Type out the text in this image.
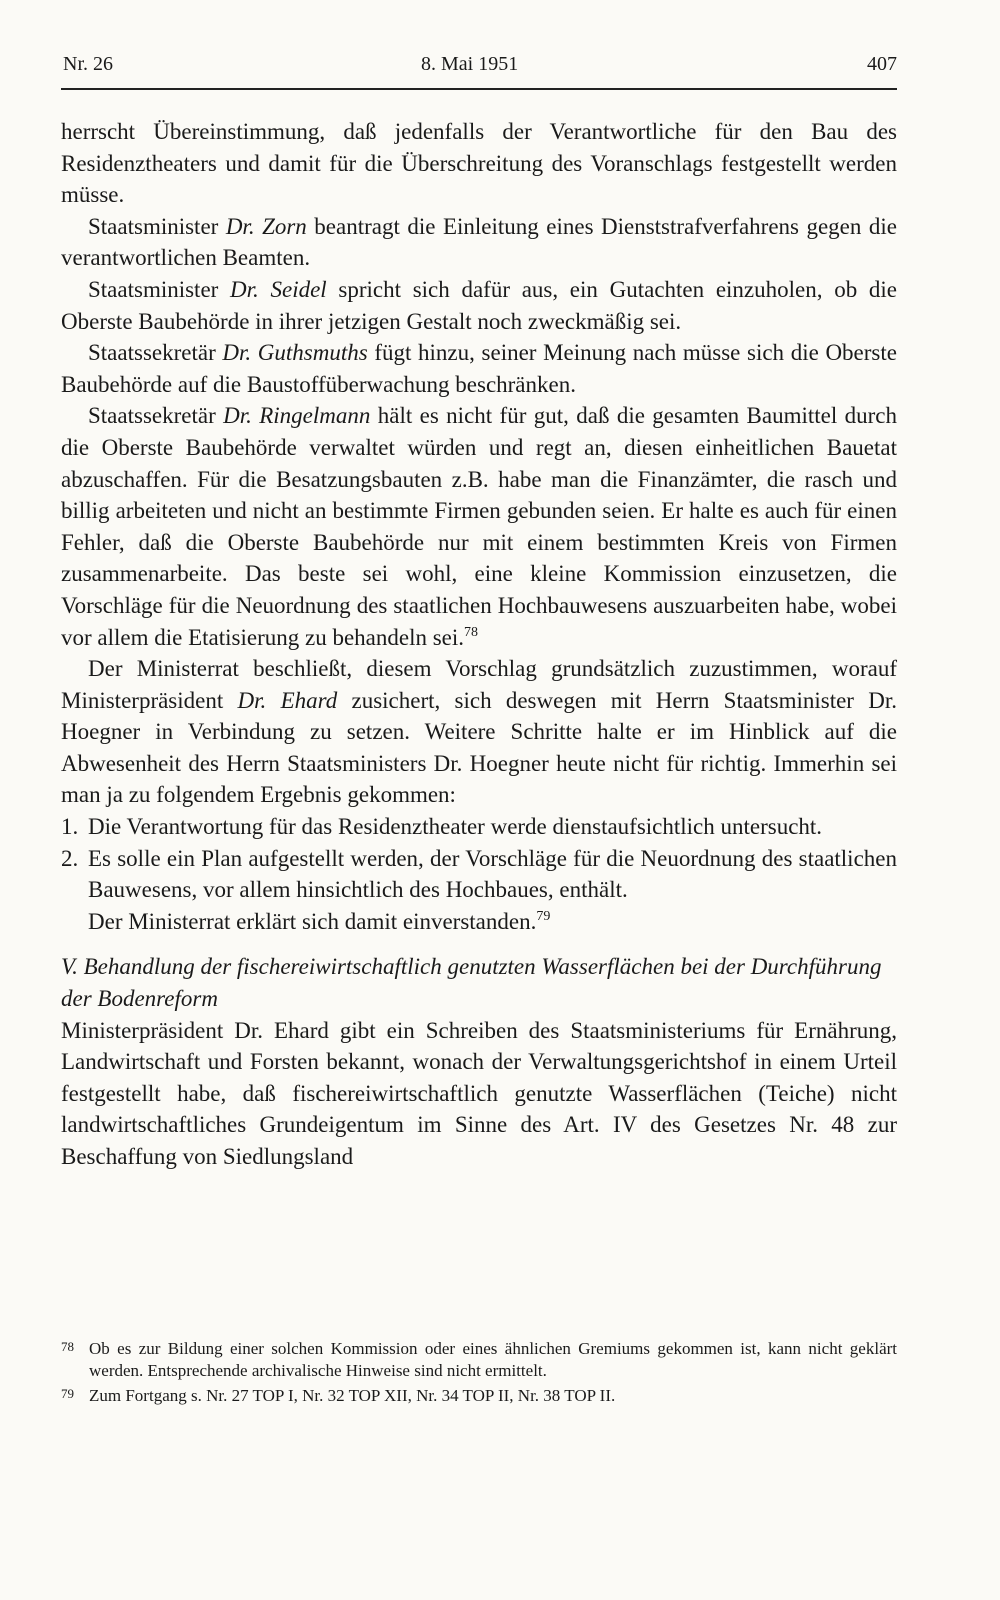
Nr. 26	8. Mai 1951	407

herrscht Übereinstimmung, daß jedenfalls der Verantwortliche für den Bau des Residenztheaters und damit für die Überschreitung des Voranschlags festgestellt werden müsse.

Staatsminister Dr. Zorn beantragt die Einleitung eines Dienststrafverfahrens gegen die verantwortlichen Beamten.

Staatsminister Dr. Seidel spricht sich dafür aus, ein Gutachten einzuholen, ob die Oberste Baubehörde in ihrer jetzigen Gestalt noch zweckmäßig sei.

Staatssekretär Dr. Guthsmuths fügt hinzu, seiner Meinung nach müsse sich die Oberste Baubehörde auf die Baustoffüberwachung beschränken.

Staatssekretär Dr. Ringelmann hält es nicht für gut, daß die gesamten Baumittel durch die Oberste Baubehörde verwaltet würden und regt an, diesen einheitlichen Bauetat abzuschaffen. Für die Besatzungsbauten z.B. habe man die Finanzämter, die rasch und billig arbeiteten und nicht an bestimmte Firmen gebunden seien. Er halte es auch für einen Fehler, daß die Oberste Baubehörde nur mit einem bestimmten Kreis von Firmen zusammenarbeite. Das beste sei wohl, eine kleine Kommission einzusetzen, die Vorschläge für die Neuordnung des staatlichen Hochbauwesens auszuarbeiten habe, wobei vor allem die Etatisierung zu behandeln sei.$^{78}$

Der Ministerrat beschließt, diesem Vorschlag grundsätzlich zuzustimmen, worauf Ministerpräsident Dr. Ehard zusichert, sich deswegen mit Herrn Staatsminister Dr. Hoegner in Verbindung zu setzen. Weitere Schritte halte er im Hinblick auf die Abwesenheit des Herrn Staatsministers Dr. Hoegner heute nicht für richtig. Immerhin sei man ja zu folgendem Ergebnis gekommen:

1. Die Verantwortung für das Residenztheater werde dienstaufsichtlich untersucht.

2. Es solle ein Plan aufgestellt werden, der Vorschläge für die Neuordnung des staatlichen Bauwesens, vor allem hinsichtlich des Hochbaues, enthält.
Der Ministerrat erklärt sich damit einverstanden.$^{79}$

V. Behandlung der fischereiwirtschaftlich genutzten Wasserflächen bei der Durchführung der Bodenreform

Ministerpräsident Dr. Ehard gibt ein Schreiben des Staatsministeriums für Ernährung, Landwirtschaft und Forsten bekannt, wonach der Verwaltungsgerichtshof in einem Urteil festgestellt habe, daß fischereiwirtschaftlich genutzte Wasserflächen (Teiche) nicht landwirtschaftliches Grundeigentum im Sinne des Art. IV des Gesetzes Nr. 48 zur Beschaffung von Siedlungsland

78 Ob es zur Bildung einer solchen Kommission oder eines ähnlichen Gremiums gekommen ist, kann nicht geklärt werden. Entsprechende archivalische Hinweise sind nicht ermittelt.
79 Zum Fortgang s. Nr. 27 TOP I, Nr. 32 TOP XII, Nr. 34 TOP II, Nr. 38 TOP II.
